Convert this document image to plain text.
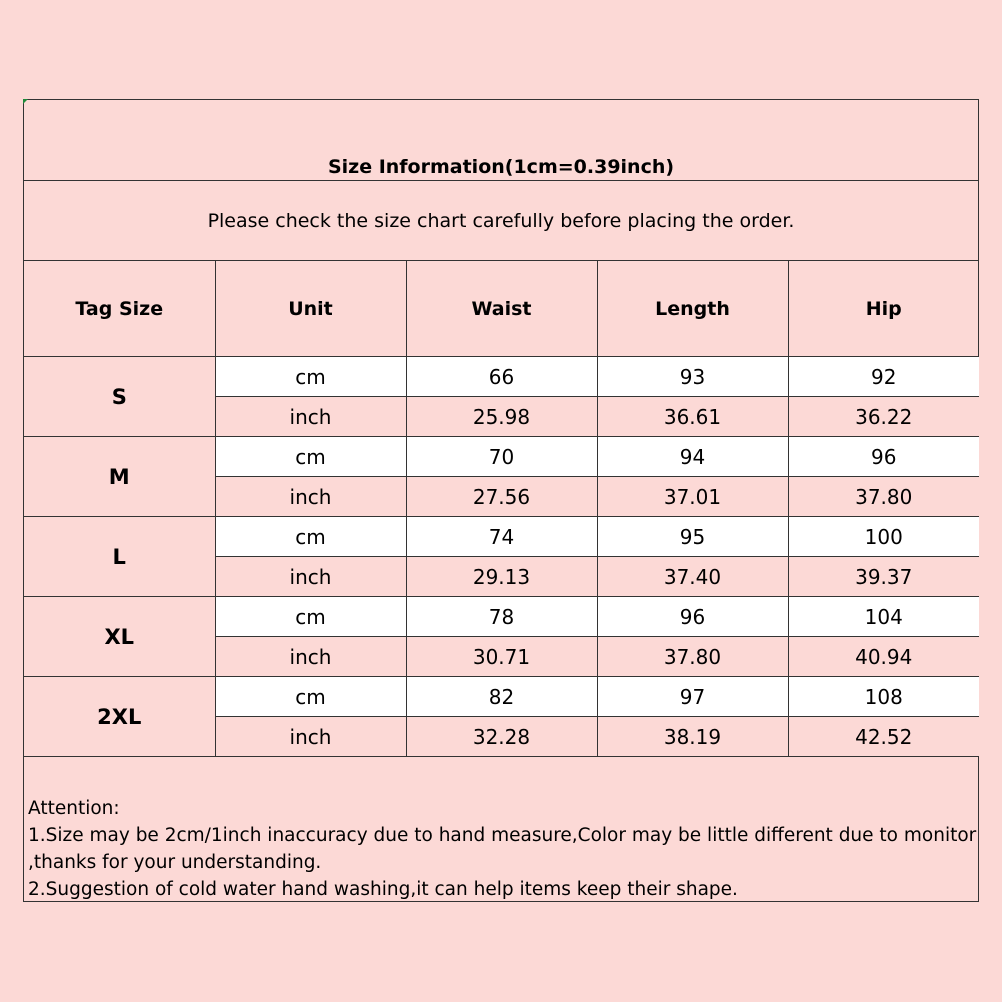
Size Information(1cm=0.39inch)
Please check the size chart carefully before placing the order.
Tag Size	Unit	Waist	Length	Hip
S	cm	66	93	92
	inch	25.98	36.61	36.22
M	cm	70	94	96
	inch	27.56	37.01	37.80
L	cm	74	95	100
	inch	29.13	37.40	39.37
XL	cm	78	96	104
	inch	30.71	37.80	40.94
2XL	cm	82	97	108
	inch	32.28	38.19	42.52
Attention:
1.Size may be 2cm/1inch inaccuracy due to hand measure,Color may be little different due to monitor
,thanks for your understanding.
2.Suggestion of cold water hand washing,it can help items keep their shape.
